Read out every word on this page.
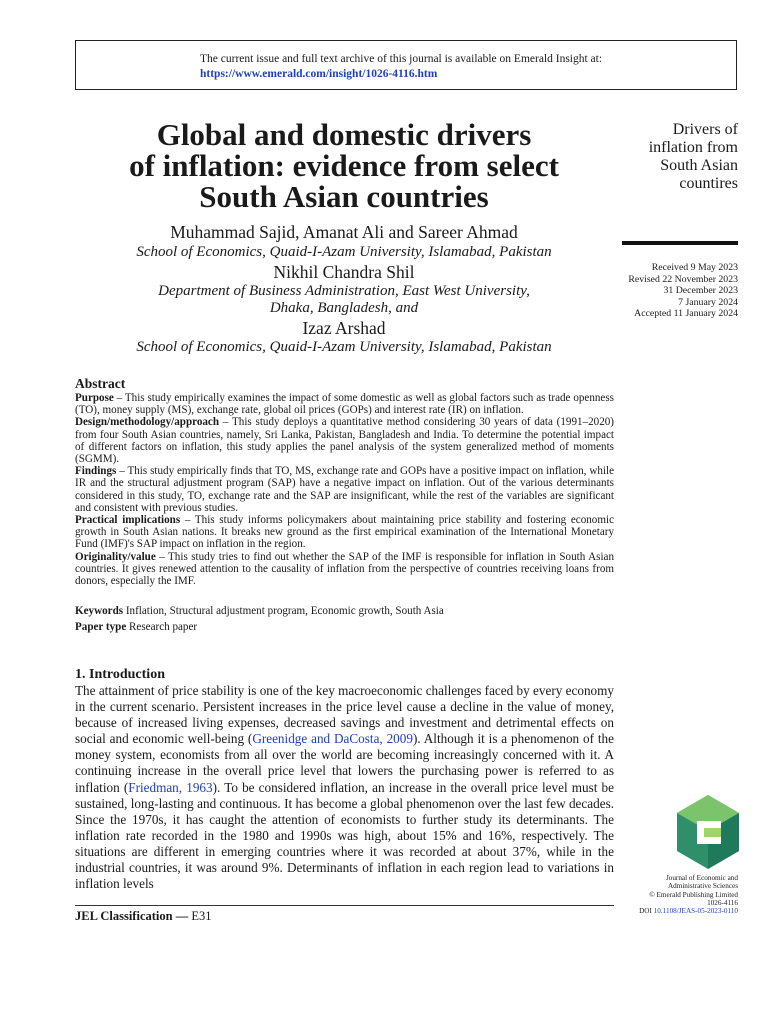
The current issue and full text archive of this journal is available on Emerald Insight at:
https://www.emerald.com/insight/1026-4116.htm
Global and domestic drivers
of inflation: evidence from select
South Asian countries
Muhammad Sajid, Amanat Ali and Sareer Ahmad
School of Economics, Quaid-I-Azam University, Islamabad, Pakistan
Nikhil Chandra Shil
Department of Business Administration, East West University,
Dhaka, Bangladesh, and
Izaz Arshad
School of Economics, Quaid-I-Azam University, Islamabad, Pakistan
Drivers of
inflation from
South Asian
countires
Received 9 May 2023
Revised 22 November 2023
31 December 2023
7 January 2024
Accepted 11 January 2024
Abstract

Purpose – This study empirically examines the impact of some domestic as well as global factors such as trade openness (TO), money supply (MS), exchange rate, global oil prices (GOPs) and interest rate (IR) on inflation.

Design/methodology/approach – This study deploys a quantitative method considering 30 years of data (1991–2020) from four South Asian countries, namely, Sri Lanka, Pakistan, Bangladesh and India. To determine the potential impact of different factors on inflation, this study applies the panel analysis of the system generalized method of moments (SGMM).

Findings – This study empirically finds that TO, MS, exchange rate and GOPs have a positive impact on inflation, while IR and the structural adjustment program (SAP) have a negative impact on inflation. Out of the various determinants considered in this study, TO, exchange rate and the SAP are insignificant, while the rest of the variables are significant and consistent with previous studies.

Practical implications – This study informs policymakers about maintaining price stability and fostering economic growth in South Asian nations. It breaks new ground as the first empirical examination of the International Monetary Fund (IMF)'s SAP impact on inflation in the region.

Originality/value – This study tries to find out whether the SAP of the IMF is responsible for inflation in South Asian countries. It gives renewed attention to the causality of inflation from the perspective of countries receiving loans from donors, especially the IMF.

Keywords Inflation, Structural adjustment program, Economic growth, South Asia
Paper type Research paper
1. Introduction

The attainment of price stability is one of the key macroeconomic challenges faced by every economy in the current scenario. Persistent increases in the price level cause a decline in the value of money, because of increased living expenses, decreased savings and investment and detrimental effects on social and economic well-being (Greenidge and DaCosta, 2009). Although it is a phenomenon of the money system, economists from all over the world are becoming increasingly concerned with it. A continuing increase in the overall price level that lowers the purchasing power is referred to as inflation (Friedman, 1963). To be considered inflation, an increase in the overall price level must be sustained, long-lasting and continuous. It has become a global phenomenon over the last few decades. Since the 1970s, it has caught the attention of economists to further study its determinants. The inflation rate recorded in the 1980 and 1990s was high, about 15% and 16%, respectively. The situations are different in emerging countries where it was recorded at about 37%, while in the industrial countries, it was around 9%. Determinants of inflation in each region lead to variations in inflation levels

JEL Classification — E31
Journal of Economic and
Administrative Sciences
© Emerald Publishing Limited
1026-4116
DOI 10.1108/JEAS-05-2023-0110
